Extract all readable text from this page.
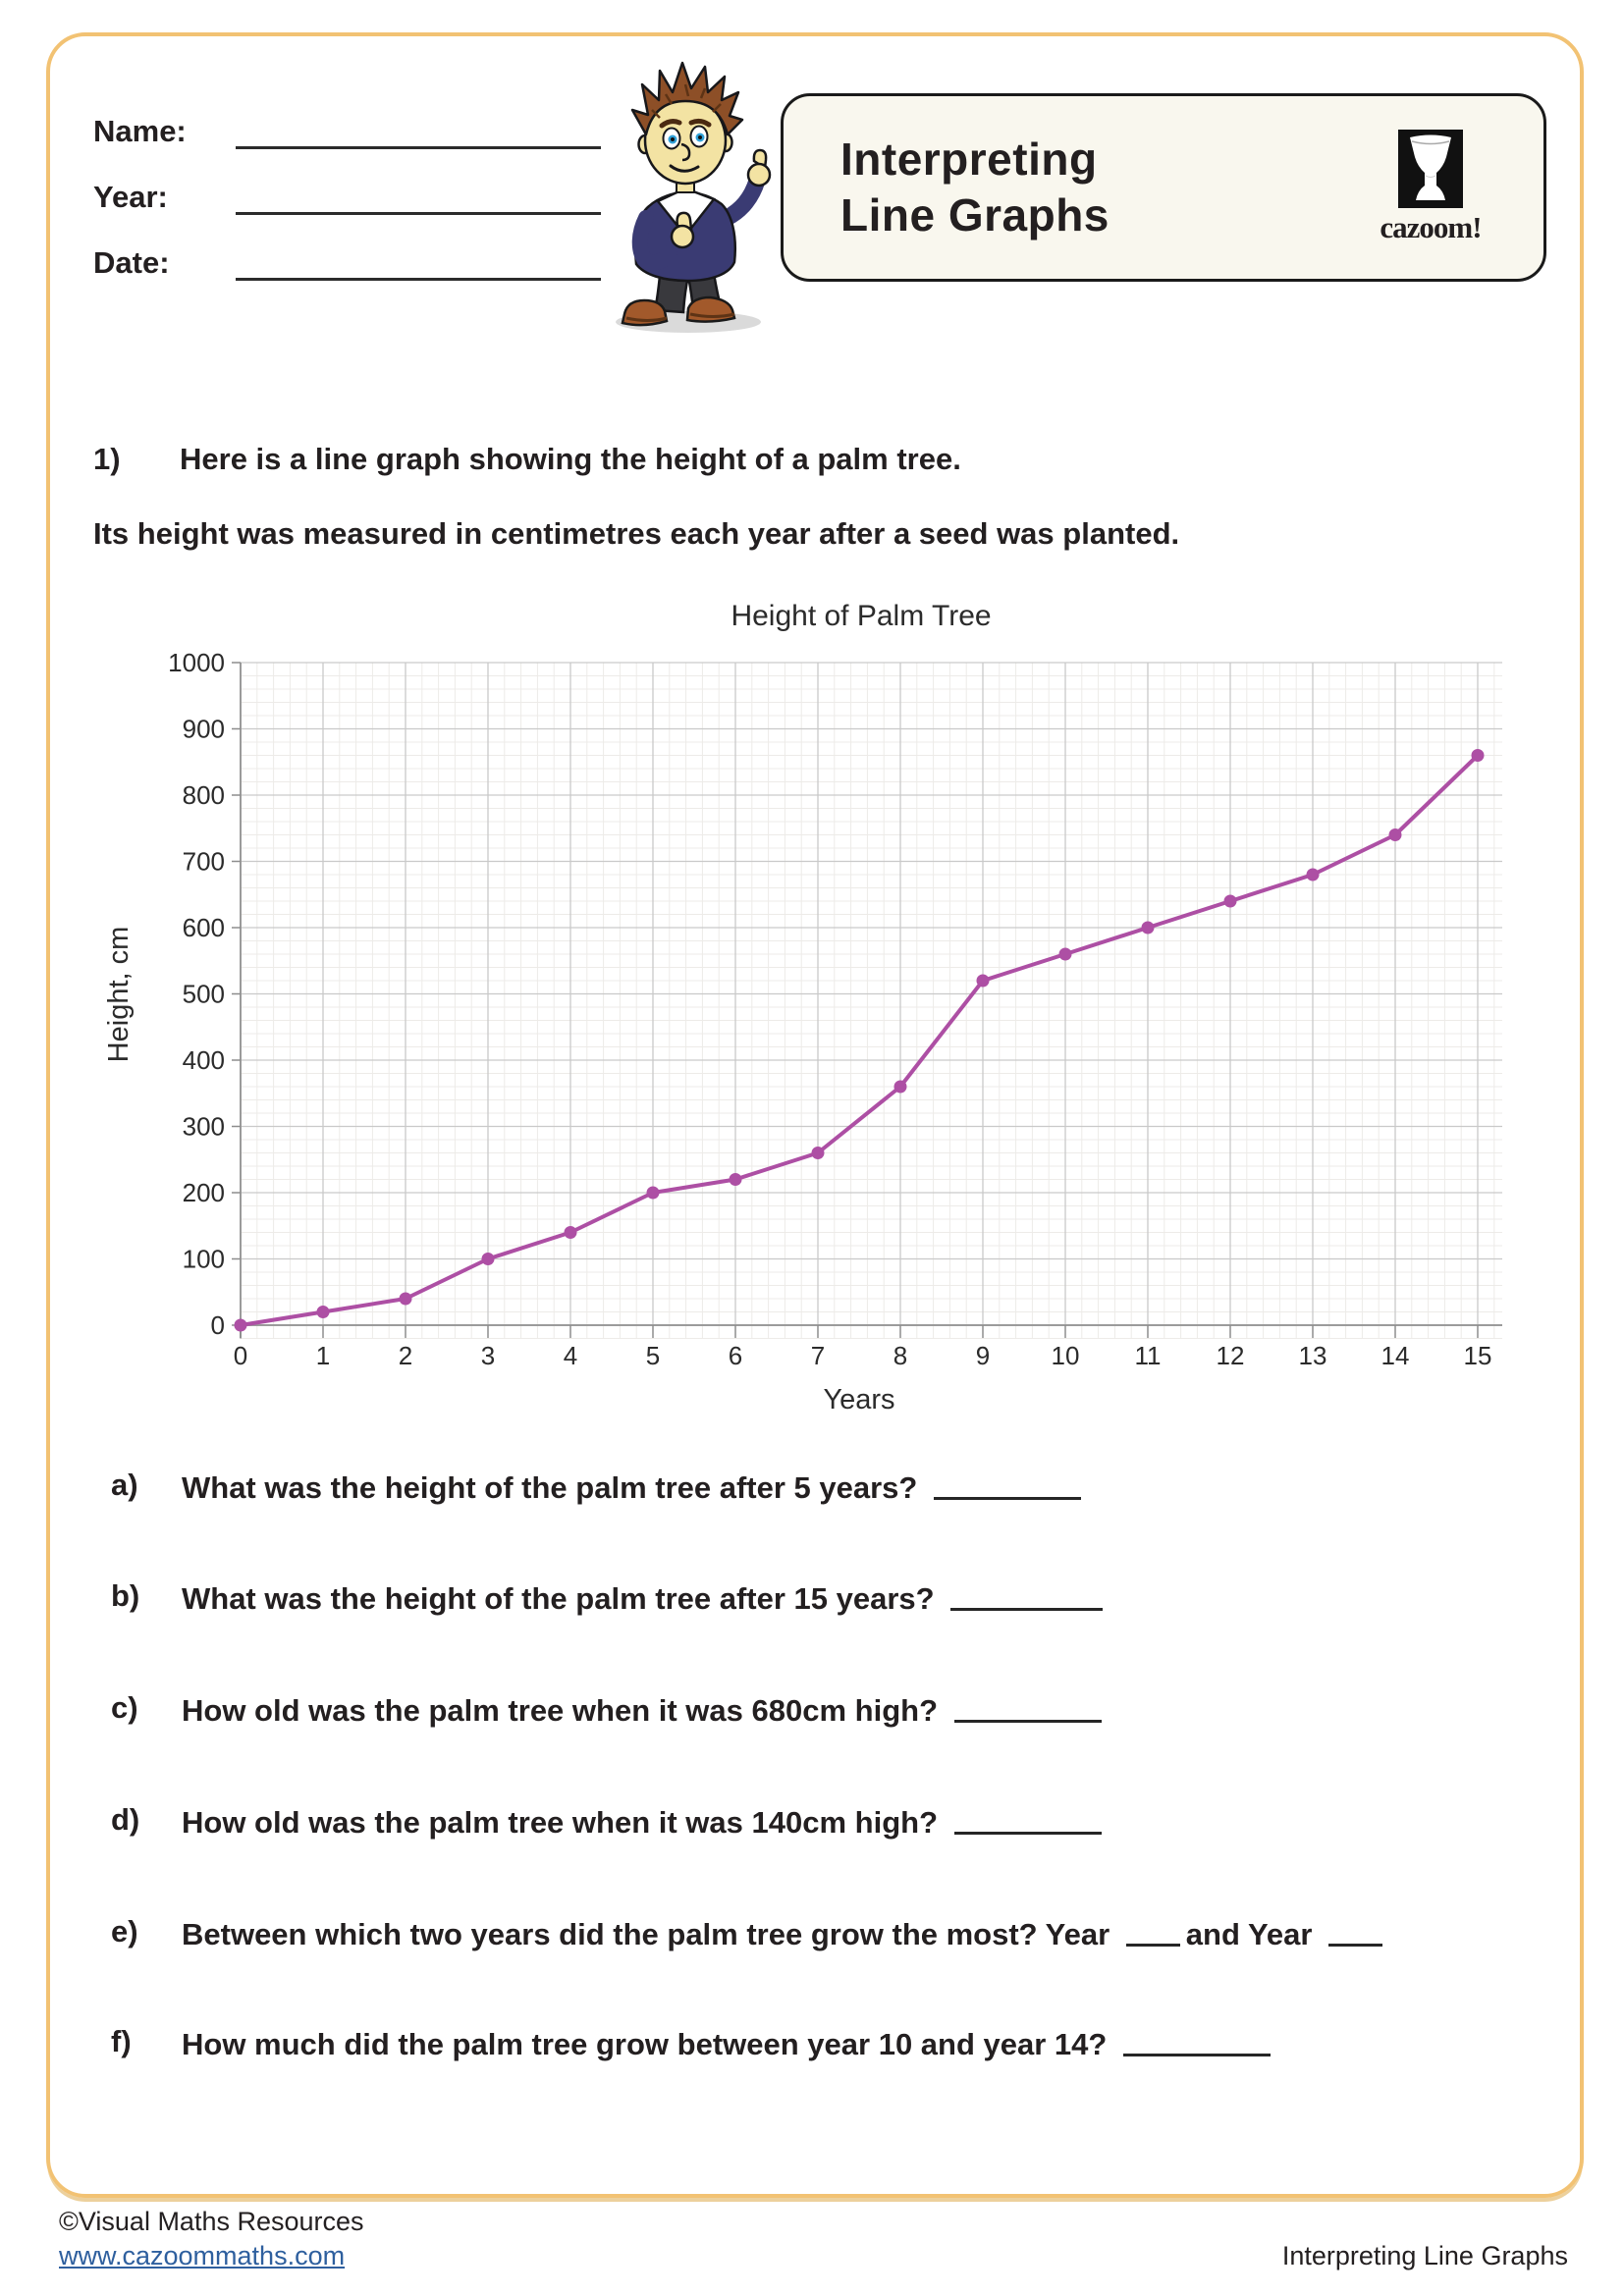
Name:
Year:
Date:
Interpreting
Line Graphs	cazoom!
1) Here is a line graph showing the height of a palm tree.
Its height was measured in centimetres each year after a seed was planted.
0	1	2	3	4	5	6	7	8	9 10 11 12 13 14 15
0
100
200
300
400
500
600
700
800
900
1000
Height of Palm Tree
Years
Height, cm
a)	What was the height of the palm tree after 5 years?
b)	What was the height of the palm tree after 15 years?
c)	How old was the palm tree when it was 680cm high?
d)	How old was the palm tree when it was 140cm high?
e)	Between which two years did the palm tree grow the most? Year and Year
f)	How much did the palm tree grow between year 10 and year 14?
©Visual Maths Resources
www.cazoommaths.com	Interpreting Line Graphs
